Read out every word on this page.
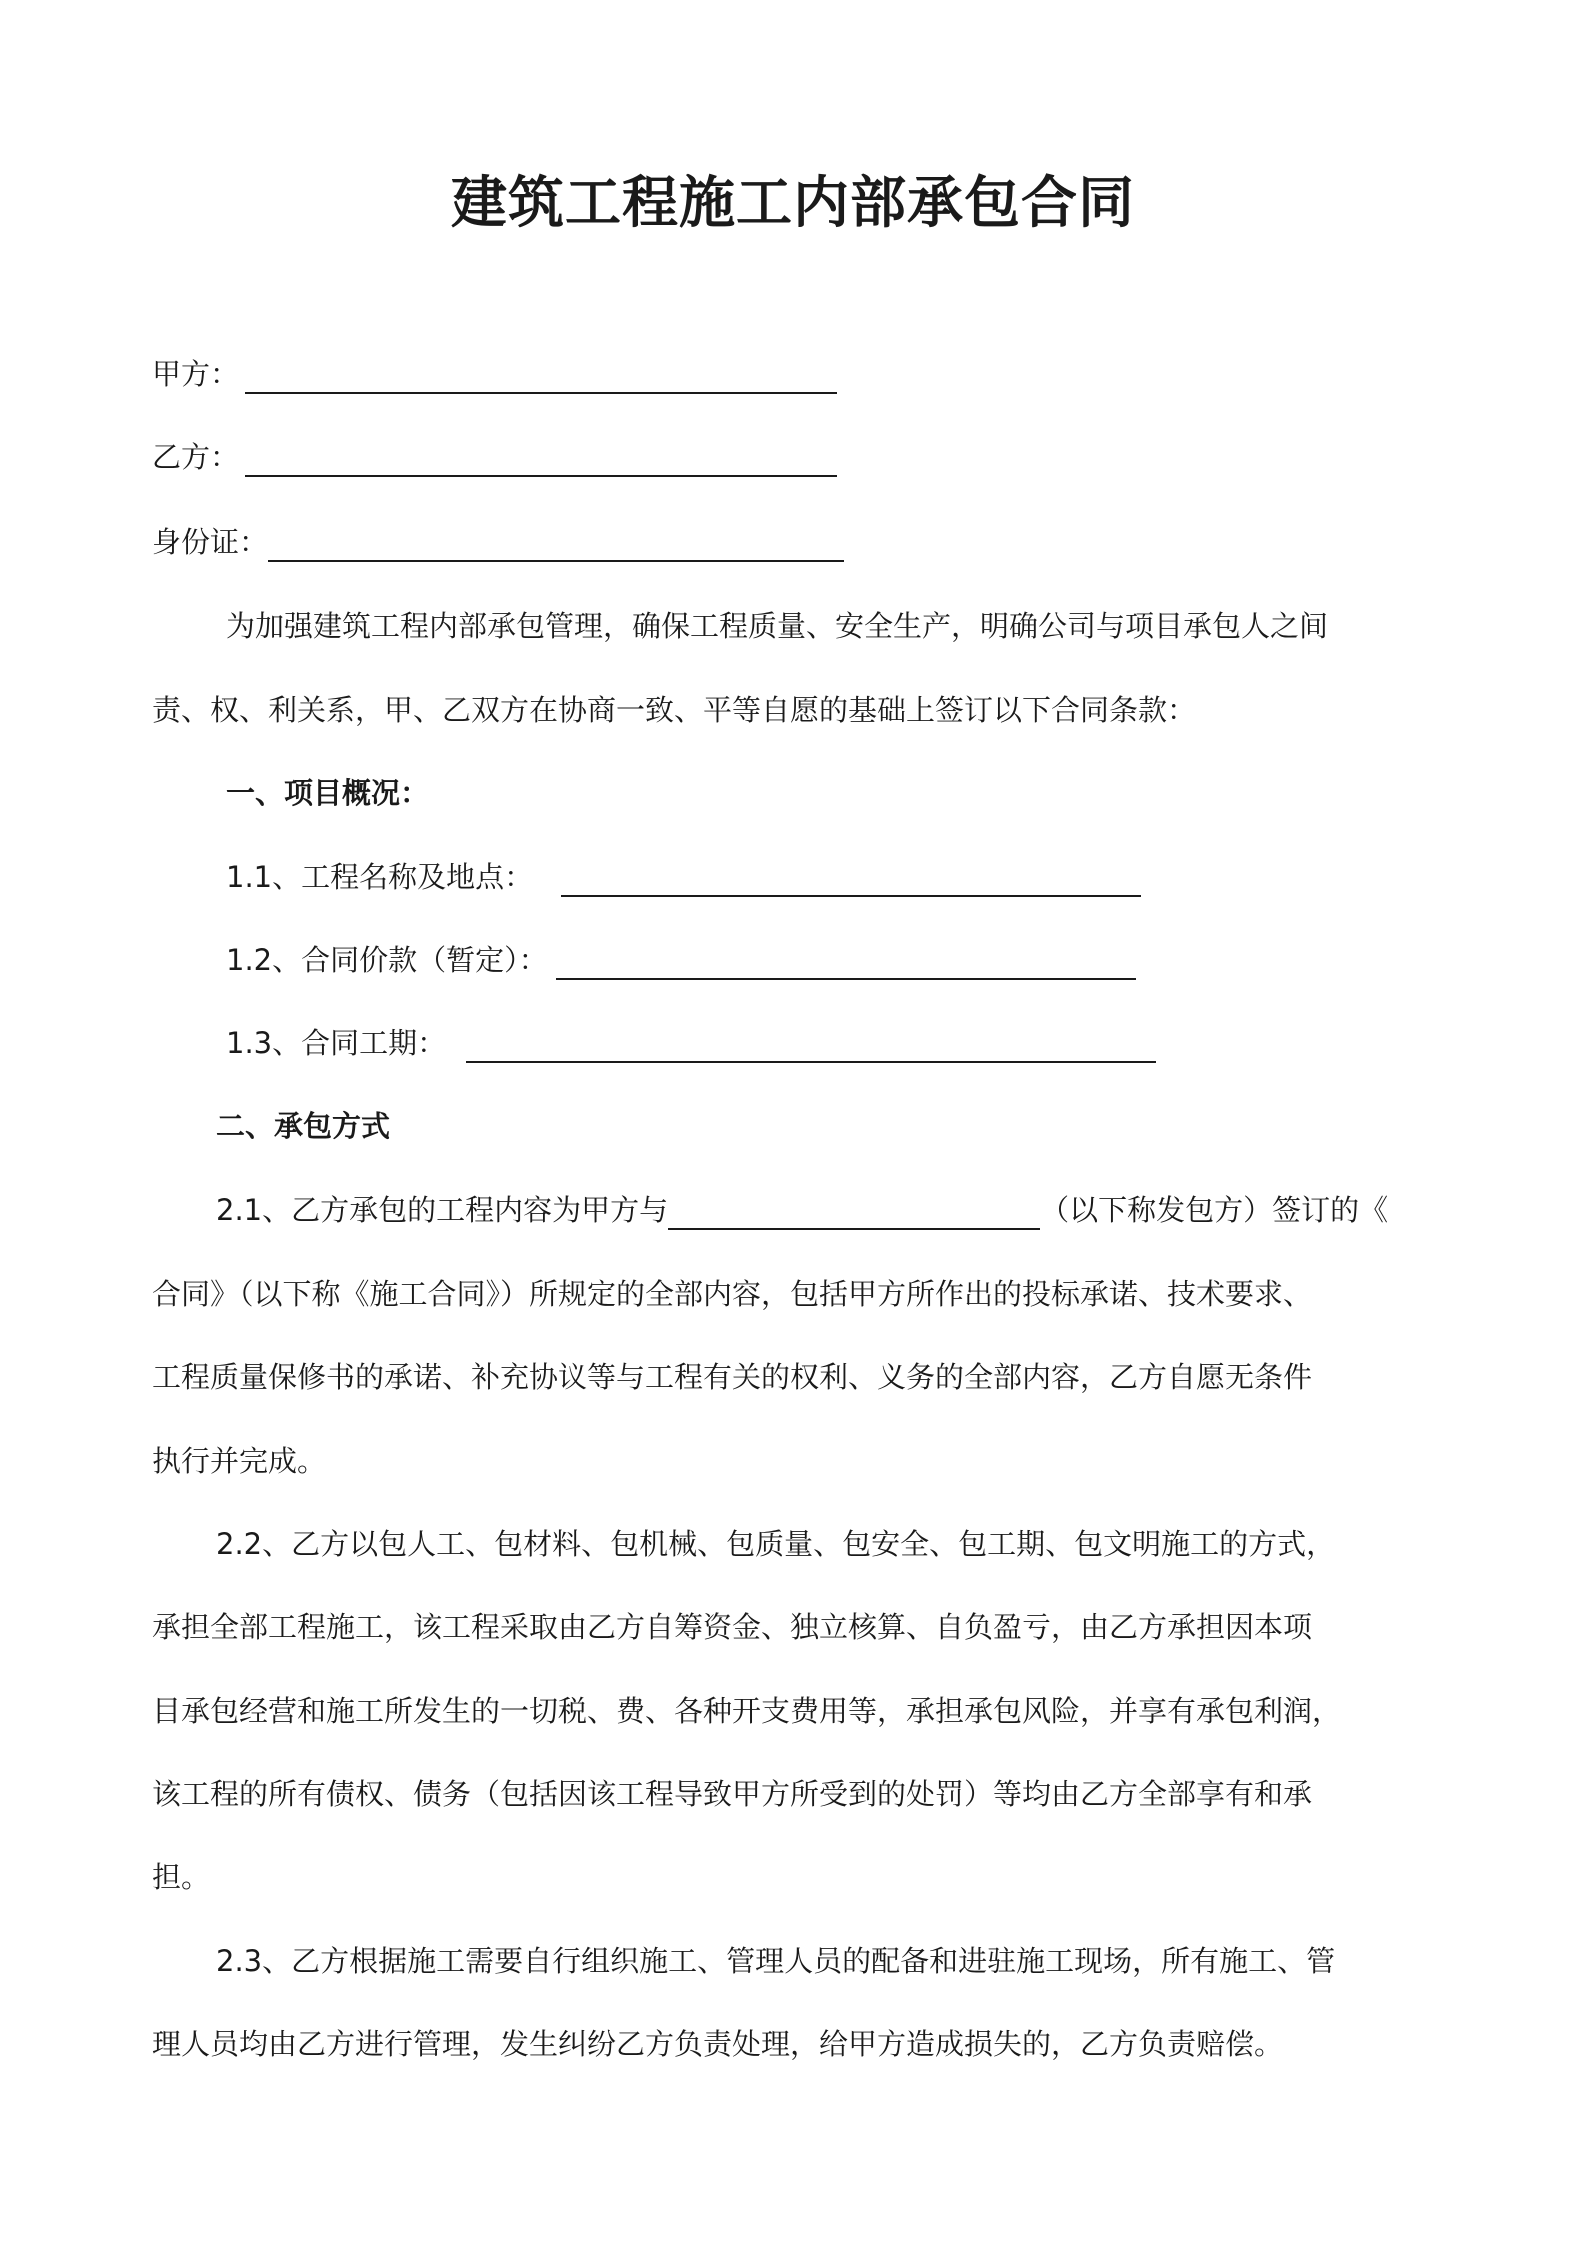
建筑工程施工内部承包合同
甲方：
乙方：
身份证：
为加强建筑工程内部承包管理，确保工程质量、安全生产，明确公司与项目承包人之间
责、权、利关系，甲、乙双方在协商一致、平等自愿的基础上签订以下合同条款：
一、项目概况：
1.1、工程名称及地点：
1.2、合同价款（暂定）：
1.3、合同工期：
二、承包方式
2.1、乙方承包的工程内容为甲方与	（以下称发包方）签订的《
合同》（以下称《施工合同》）所规定的全部内容，包括甲方所作出的投标承诺、技术要求、
工程质量保修书的承诺、补充协议等与工程有关的权利、义务的全部内容，乙方自愿无条件
执行并完成。
2.2、乙方以包人工、包材料、包机械、包质量、包安全、包工期、包文明施工的方式，
承担全部工程施工，该工程采取由乙方自筹资金、独立核算、自负盈亏，由乙方承担因本项
目承包经营和施工所发生的一切税、费、各种开支费用等，承担承包风险，并享有承包利润，
该工程的所有债权、债务（包括因该工程导致甲方所受到的处罚）等均由乙方全部享有和承
担。
2.3、乙方根据施工需要自行组织施工、管理人员的配备和进驻施工现场，所有施工、管
理人员均由乙方进行管理，发生纠纷乙方负责处理，给甲方造成损失的，乙方负责赔偿。
